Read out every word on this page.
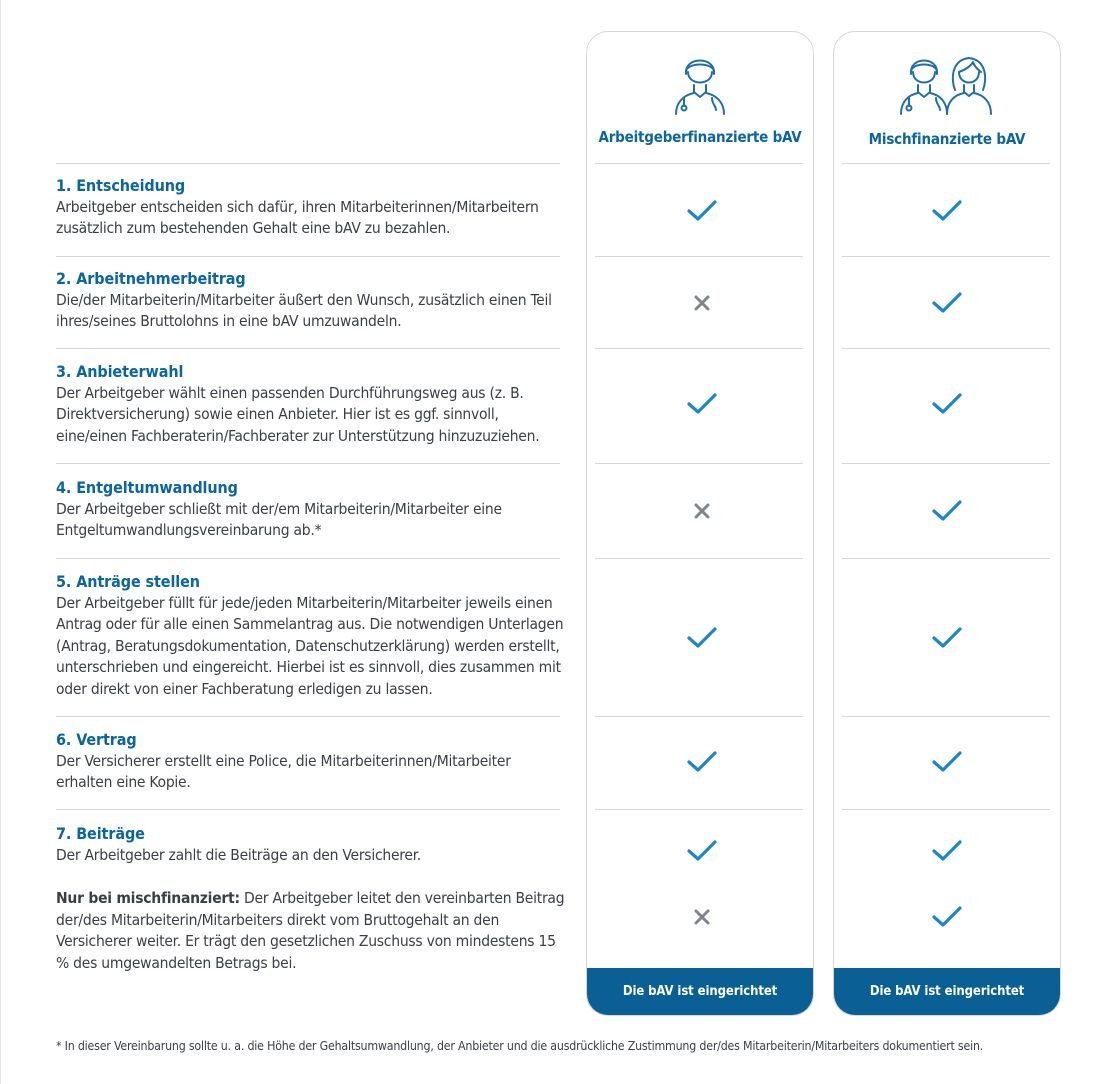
Arbeitgeberfinanzierte bAV
Die bAV ist eingerichtet
Mischfinanzierte bAV
Die bAV ist eingerichtet
1. Entscheidung
Arbeitgeber entscheiden sich dafür, ihren Mitarbeiterinnen/Mitarbeitern zusätzlich zum bestehenden Gehalt eine bAV zu bezahlen.
2. Arbeitnehmerbeitrag
Die/der Mitarbeiterin/Mitarbeiter äußert den Wunsch, zusätzlich einen Teil ihres/seines Bruttolohns in eine bAV umzuwandeln.
3. Anbieterwahl
Der Arbeitgeber wählt einen passenden Durchführungsweg aus (z. B. Direktversicherung) sowie einen Anbieter. Hier ist es ggf. sinnvoll, eine/einen Fachberaterin/Fachberater zur Unterstützung hinzuzuziehen.
4. Entgeltumwandlung
Der Arbeitgeber schließt mit der/em Mitarbeiterin/Mitarbeiter eine Entgeltumwandlungsvereinbarung ab.*
5. Anträge stellen
Der Arbeitgeber füllt für jede/jeden Mitarbeiterin/Mitarbeiter jeweils einen Antrag oder für alle einen Sammelantrag aus. Die notwendigen Unterlagen (Antrag, Beratungsdokumentation, Datenschutzerklärung) werden erstellt, unterschrieben und eingereicht. Hierbei ist es sinnvoll, dies zusammen mit oder direkt von einer Fachberatung erledigen zu lassen.
6. Vertrag
Der Versicherer erstellt eine Police, die Mitarbeiterinnen/Mitarbeiter erhalten eine Kopie.
7. Beiträge
Der Arbeitgeber zahlt die Beiträge an den Versicherer.
Nur bei mischfinanziert: Der Arbeitgeber leitet den vereinbarten Beitrag der/des Mitarbeiterin/Mitarbeiters direkt vom Bruttogehalt an den Versicherer weiter. Er trägt den gesetzlichen Zuschuss von mindestens 15 % des umgewandelten Betrags bei.
* In dieser Vereinbarung sollte u. a. die Höhe der Gehaltsumwandlung, der Anbieter und die ausdrückliche Zustimmung der/des Mitarbeiterin/Mitarbeiters dokumentiert sein.
